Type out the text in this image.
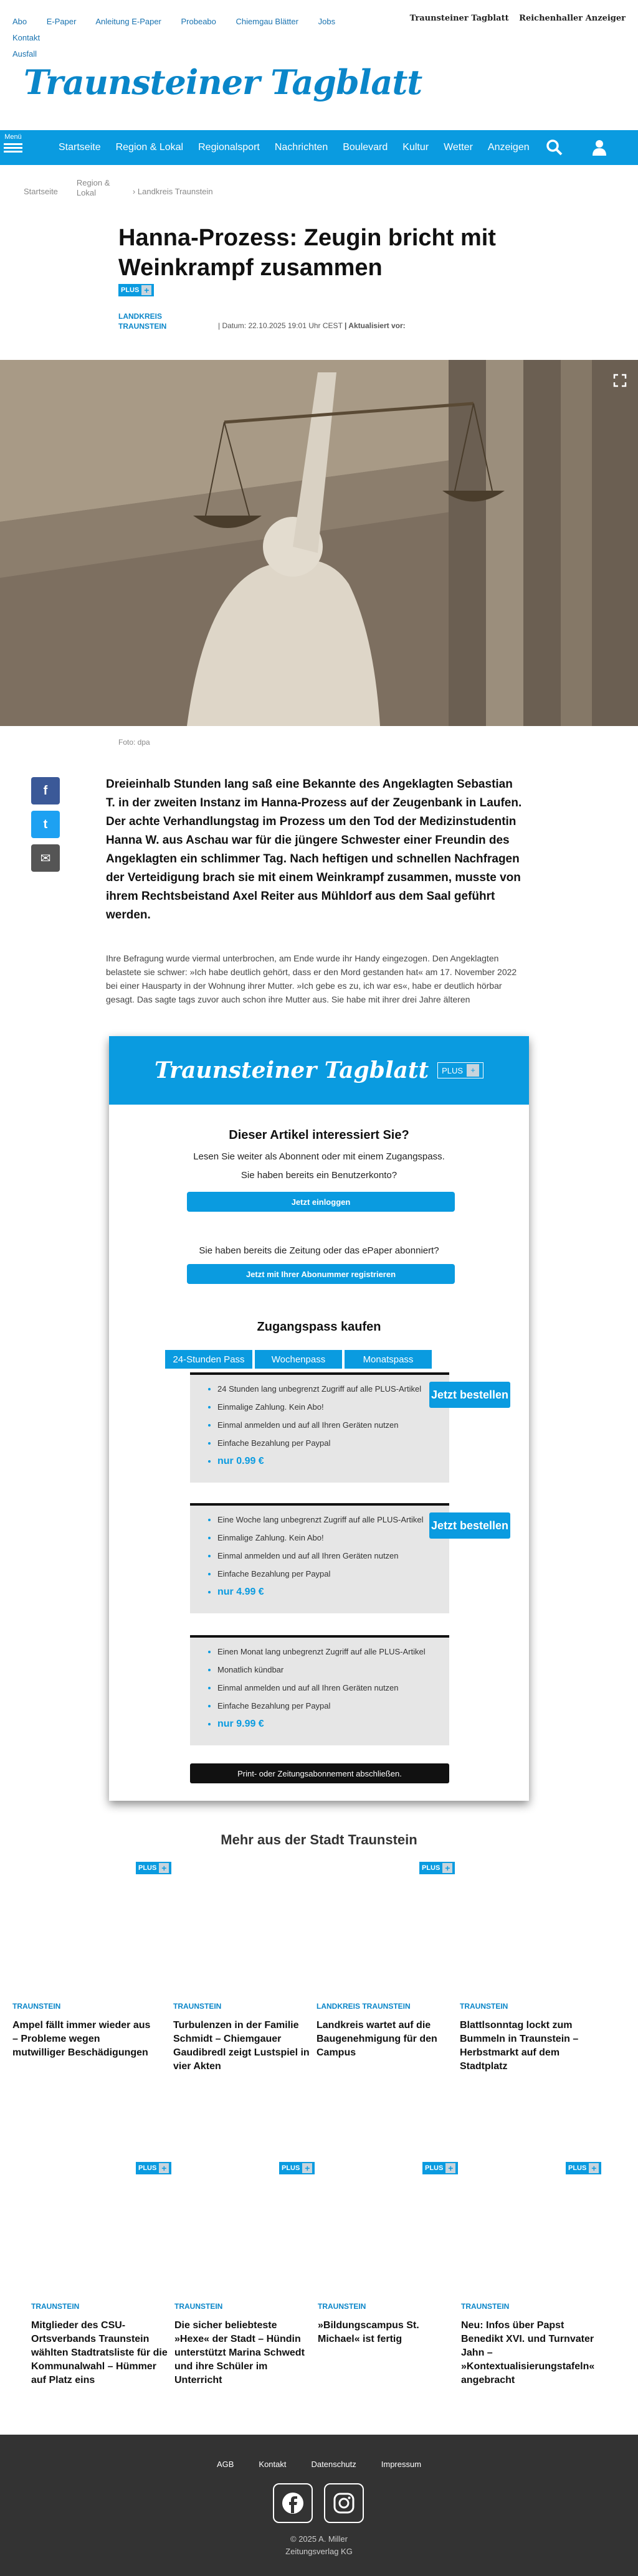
Abo E-Paper Anleitung E-Paper Probeabo Chiemgau Blätter Jobs Kontakt
Ausfall
Traunsteiner Tagblatt Reichenhaller Anzeiger
Traunsteiner Tagblatt
Menü
Startseite Region & Lokal Regionalsport Nachrichten Boulevard Kultur Wetter Anzeigen
Startseite
Region & Lokal	› Landkreis Traunstein
Hanna-Prozess: Zeugin bricht mit Weinkrampf zusammen
PLUS +
LANDKREIS TRAUNSTEIN	| Datum: 22.10.2025 19:01 Uhr CEST | Aktualisiert vor:
Foto: dpa
f
t
✉
Dreieinhalb Stunden lang saß eine Bekannte des Angeklagten Sebastian T. in der zweiten Instanz im Hanna-Prozess auf der Zeugenbank in Laufen. Der achte Verhandlungstag im Prozess um den Tod der Medizinstudentin Hanna W. aus Aschau war für die jüngere Schwester einer Freundin des Angeklagten ein schlimmer Tag. Nach heftigen und schnellen Nachfragen der Verteidigung brach sie mit einem Weinkrampf zusammen, musste von ihrem Rechtsbeistand Axel Reiter aus Mühldorf aus dem Saal geführt werden.
Ihre Befragung wurde viermal unterbrochen, am Ende wurde ihr Handy eingezogen. Den Angeklagten belastete sie schwer: »Ich habe deutlich gehört, dass er den Mord gestanden hat« am 17. November 2022 bei einer Hausparty in der Wohnung ihrer Mutter. »Ich gebe es zu, ich war es«, habe er deutlich hörbar gesagt. Das sagte tags zuvor auch schon ihre Mutter aus. Sie habe mit ihrer drei Jahre älteren
Traunsteiner Tagblatt PLUS +
Dieser Artikel interessiert Sie?
Lesen Sie weiter als Abonnent oder mit einem Zugangspass.
Sie haben bereits ein Benutzerkonto?
Jetzt einloggen
Sie haben bereits die Zeitung oder das ePaper abonniert?
Jetzt mit Ihrer Abonummer registrieren
Zugangspass kaufen
24-Stunden Pass	Wochenpass	Monatspass
• 24 Stunden lang unbegrenzt Zugriff auf alle PLUS-Artikel
• Einmalige Zahlung. Kein Abo!
• Einmal anmelden und auf all Ihren Geräten nutzen
• Einfache Bezahlung per Paypal
• nur 0.99 €
Jetzt bestellen
• Eine Woche lang unbegrenzt Zugriff auf alle PLUS-Artikel
• Einmalige Zahlung. Kein Abo!
• Einmal anmelden und auf all Ihren Geräten nutzen
• Einfache Bezahlung per Paypal
• nur 4.99 €
Jetzt bestellen
• Einen Monat lang unbegrenzt Zugriff auf alle PLUS-Artikel
• Monatlich kündbar
• Einmal anmelden und auf all Ihren Geräten nutzen
• Einfache Bezahlung per Paypal
• nur 9.99 €
Print- oder Zeitungsabonnement abschließen.
Mehr aus der Stadt Traunstein
PLUS +
TRAUNSTEIN
Ampel fällt immer wieder aus – Probleme wegen mutwilliger Beschädigungen
TRAUNSTEIN
Turbulenzen in der Familie Schmidt – Chiemgauer Gaudibredl zeigt Lustspiel in vier Akten
PLUS +
LANDKREIS TRAUNSTEIN
Landkreis wartet auf die Baugenehmigung für den Campus
TRAUNSTEIN
Blattlsonntag lockt zum Bummeln in Traunstein – Herbstmarkt auf dem Stadtplatz
PLUS +
TRAUNSTEIN
Mitglieder des CSU-Ortsverbands Traunstein wählten Stadtratsliste für die Kommunalwahl – Hümmer auf Platz eins
PLUS +
TRAUNSTEIN
Die sicher beliebteste »Hexe« der Stadt – Hündin unterstützt Marina Schwedt und ihre Schüler im Unterricht
PLUS +
TRAUNSTEIN
»Bildungscampus St. Michael« ist fertig
PLUS +
TRAUNSTEIN
Neu: Infos über Papst Benedikt XVI. und Turnvater Jahn – »Kontextualisierungstafeln« angebracht
AGB	Kontakt	Datenschutz	Impressum
© 2025 A. Miller Zeitungsverlag KG
